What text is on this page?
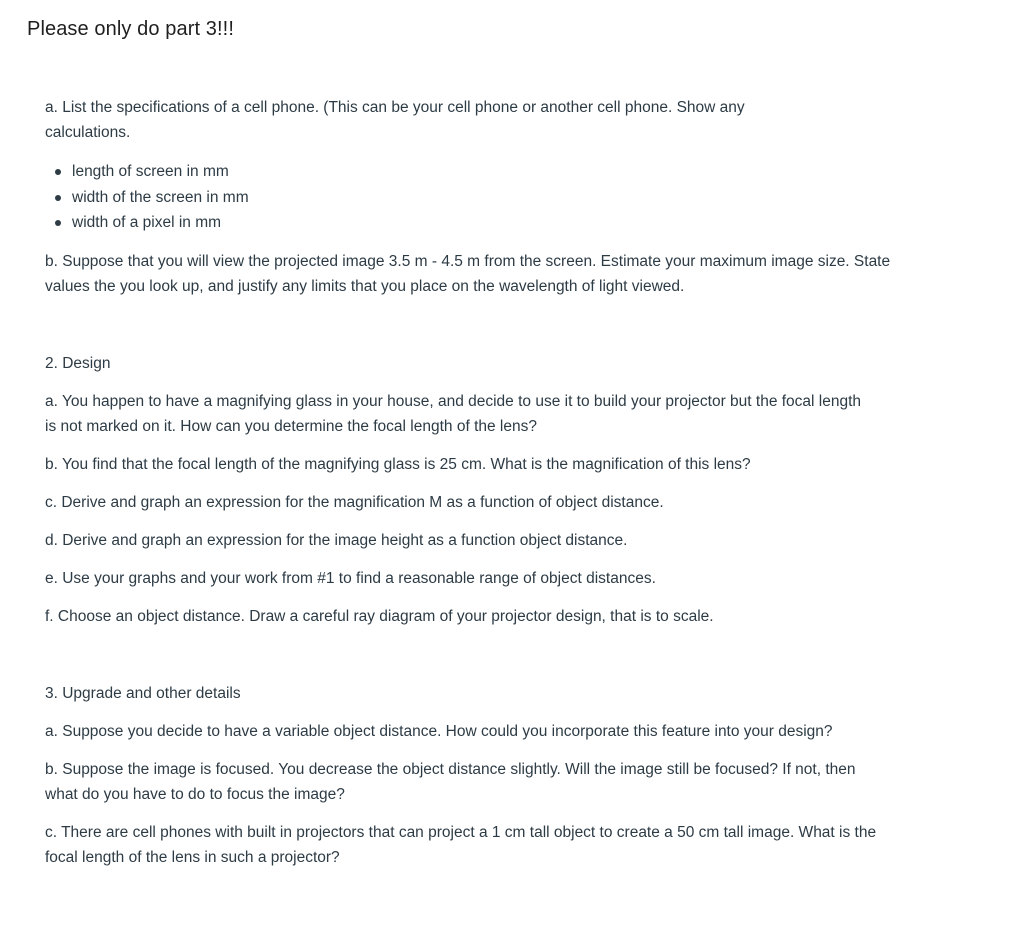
Please only do part 3!!!

a. List the specifications of a cell phone. (This can be your cell phone or another cell phone. Show any calculations.

length of screen in mm
width of the screen in mm
width of a pixel in mm

b. Suppose that you will view the projected image 3.5 m - 4.5 m from the screen. Estimate your maximum image size. State values the you look up, and justify any limits that you place on the wavelength of light viewed.

2. Design

a. You happen to have a magnifying glass in your house, and decide to use it to build your projector but the focal length is not marked on it. How can you determine the focal length of the lens?

b. You find that the focal length of the magnifying glass is 25 cm. What is the magnification of this lens?

c. Derive and graph an expression for the magnification M as a function of object distance.

d. Derive and graph an expression for the image height as a function object distance.

e. Use your graphs and your work from #1 to find a reasonable range of object distances.

f. Choose an object distance. Draw a careful ray diagram of your projector design, that is to scale.

3. Upgrade and other details

a. Suppose you decide to have a variable object distance. How could you incorporate this feature into your design?

b. Suppose the image is focused. You decrease the object distance slightly. Will the image still be focused? If not, then what do you have to do to focus the image?

c. There are cell phones with built in projectors that can project a 1 cm tall object to create a 50 cm tall image. What is the focal length of the lens in such a projector?
